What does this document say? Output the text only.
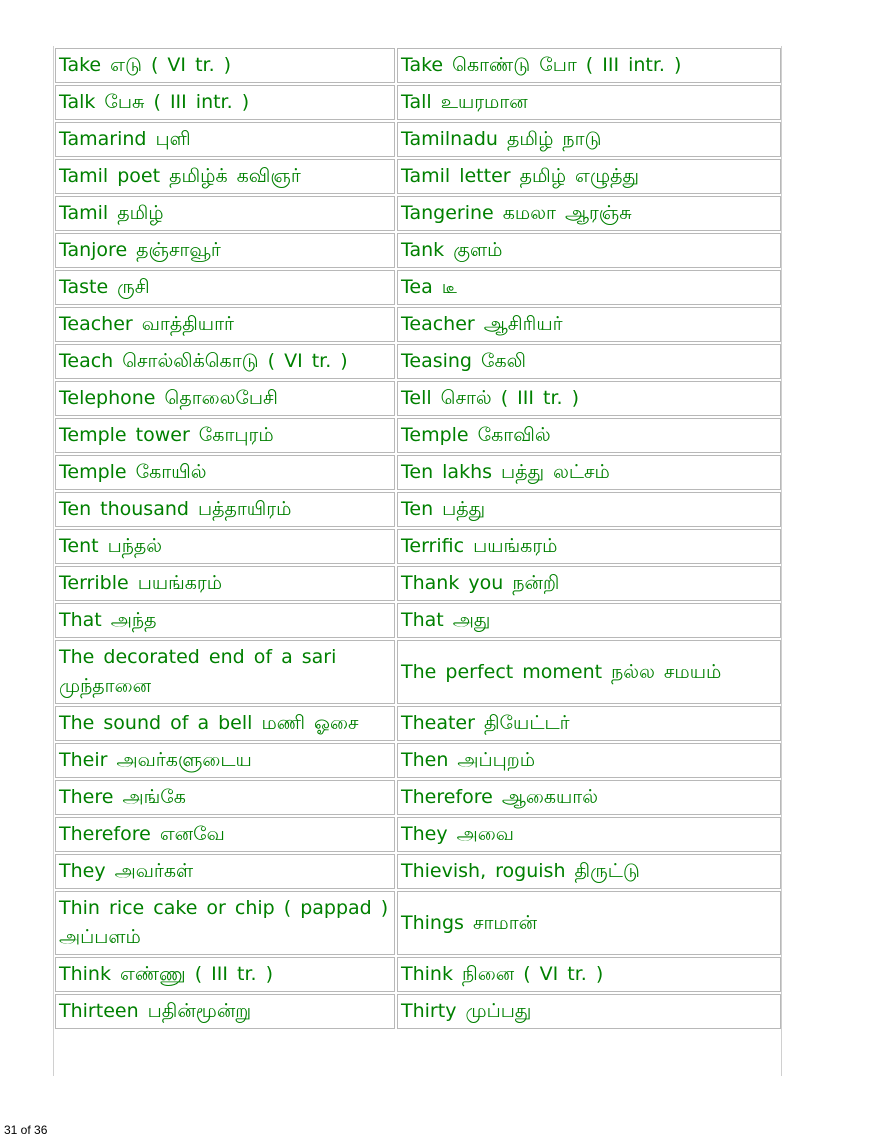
Take எடு ( VI tr. )	Take கொண்டு போ ( III intr. )
Talk பேசு ( III intr. )	Tall உயரமான
Tamarind புளி	Tamilnadu தமிழ் நாடு
Tamil poet தமிழ்க் கவிஞர்	Tamil letter தமிழ் எழுத்து
Tamil தமிழ்	Tangerine கமலா ஆரஞ்சு
Tanjore தஞ்சாவூர்	Tank குளம்
Taste ருசி	Tea டீ
Teacher வாத்தியார்	Teacher ஆசிரியர்
Teach சொல்லிக்கொடு ( VI tr. )	Teasing கேலி
Telephone தொலைபேசி	Tell சொல் ( III tr. )
Temple tower கோபுரம்	Temple கோவில்
Temple கோயில்	Ten lakhs பத்து லட்சம்
Ten thousand பத்தாயிரம்	Ten பத்து
Tent பந்தல்	Terrific பயங்கரம்
Terrible பயங்கரம்	Thank you நன்றி
That அந்த	That அது
The decorated end of a sari முந்தானை	The perfect moment நல்ல சமயம்
The sound of a bell மணி ஓசை	Theater தியேட்டர்
Their அவர்களுடைய	Then அப்புறம்
There அங்கே	Therefore ஆகையால்
Therefore எனவே	They அவை
They அவர்கள்	Thievish, roguish திருட்டு
Thin rice cake or chip ( pappad ) அப்பளம்	Things சாமான்
Think எண்ணு ( III tr. )	Think நினை ( VI tr. )
Thirteen பதின்மூன்று	Thirty முப்பது
31 of 36
